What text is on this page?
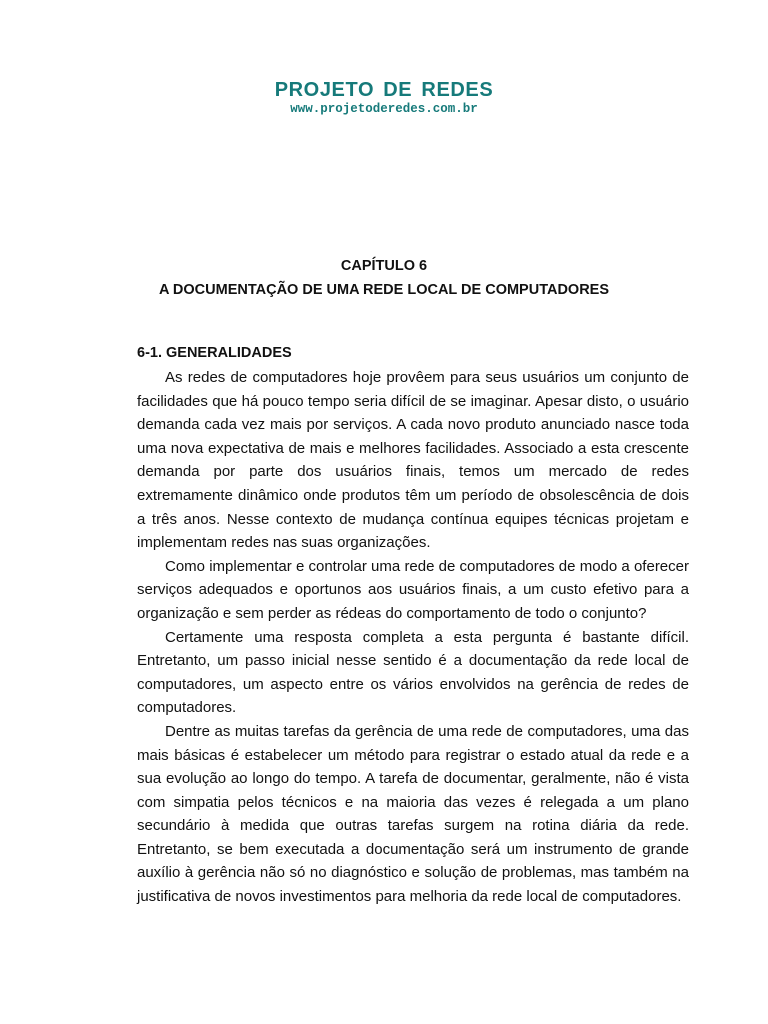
PROJETO DE REDES
www.projetoderedes.com.br
CAPÍTULO 6
A DOCUMENTAÇÃO DE UMA REDE LOCAL DE COMPUTADORES
6-1. GENERALIDADES

As redes de computadores hoje provêem para seus usuários um conjunto de facilidades que há pouco tempo seria difícil de se imaginar. Apesar disto, o usuário demanda cada vez mais por serviços. A cada novo produto anunciado nasce toda uma nova expectativa de mais e melhores facilidades. Associado a esta crescente demanda por parte dos usuários finais, temos um mercado de redes extremamente dinâmico onde produtos têm um período de obsolescência de dois a três anos. Nesse contexto de mudança contínua equipes técnicas projetam e implementam redes nas suas organizações.

Como implementar e controlar uma rede de computadores de modo a oferecer serviços adequados e oportunos aos usuários finais, a um custo efetivo para a organização e sem perder as rédeas do comportamento de todo o conjunto?

Certamente uma resposta completa a esta pergunta é bastante difícil. Entretanto, um passo inicial nesse sentido é a documentação da rede local de computadores, um aspecto entre os vários envolvidos na gerência de redes de computadores.

Dentre as muitas tarefas da gerência de uma rede de computadores, uma das mais básicas é estabelecer um método para registrar o estado atual da rede e a sua evolução ao longo do tempo. A tarefa de documentar, geralmente, não é vista com simpatia pelos técnicos e na maioria das vezes é relegada a um plano secundário à medida que outras tarefas surgem na rotina diária da rede. Entretanto, se bem executada a documentação será um instrumento de grande auxílio à gerência não só no diagnóstico e solução de problemas, mas também na justificativa de novos investimentos para melhoria da rede local de computadores.
